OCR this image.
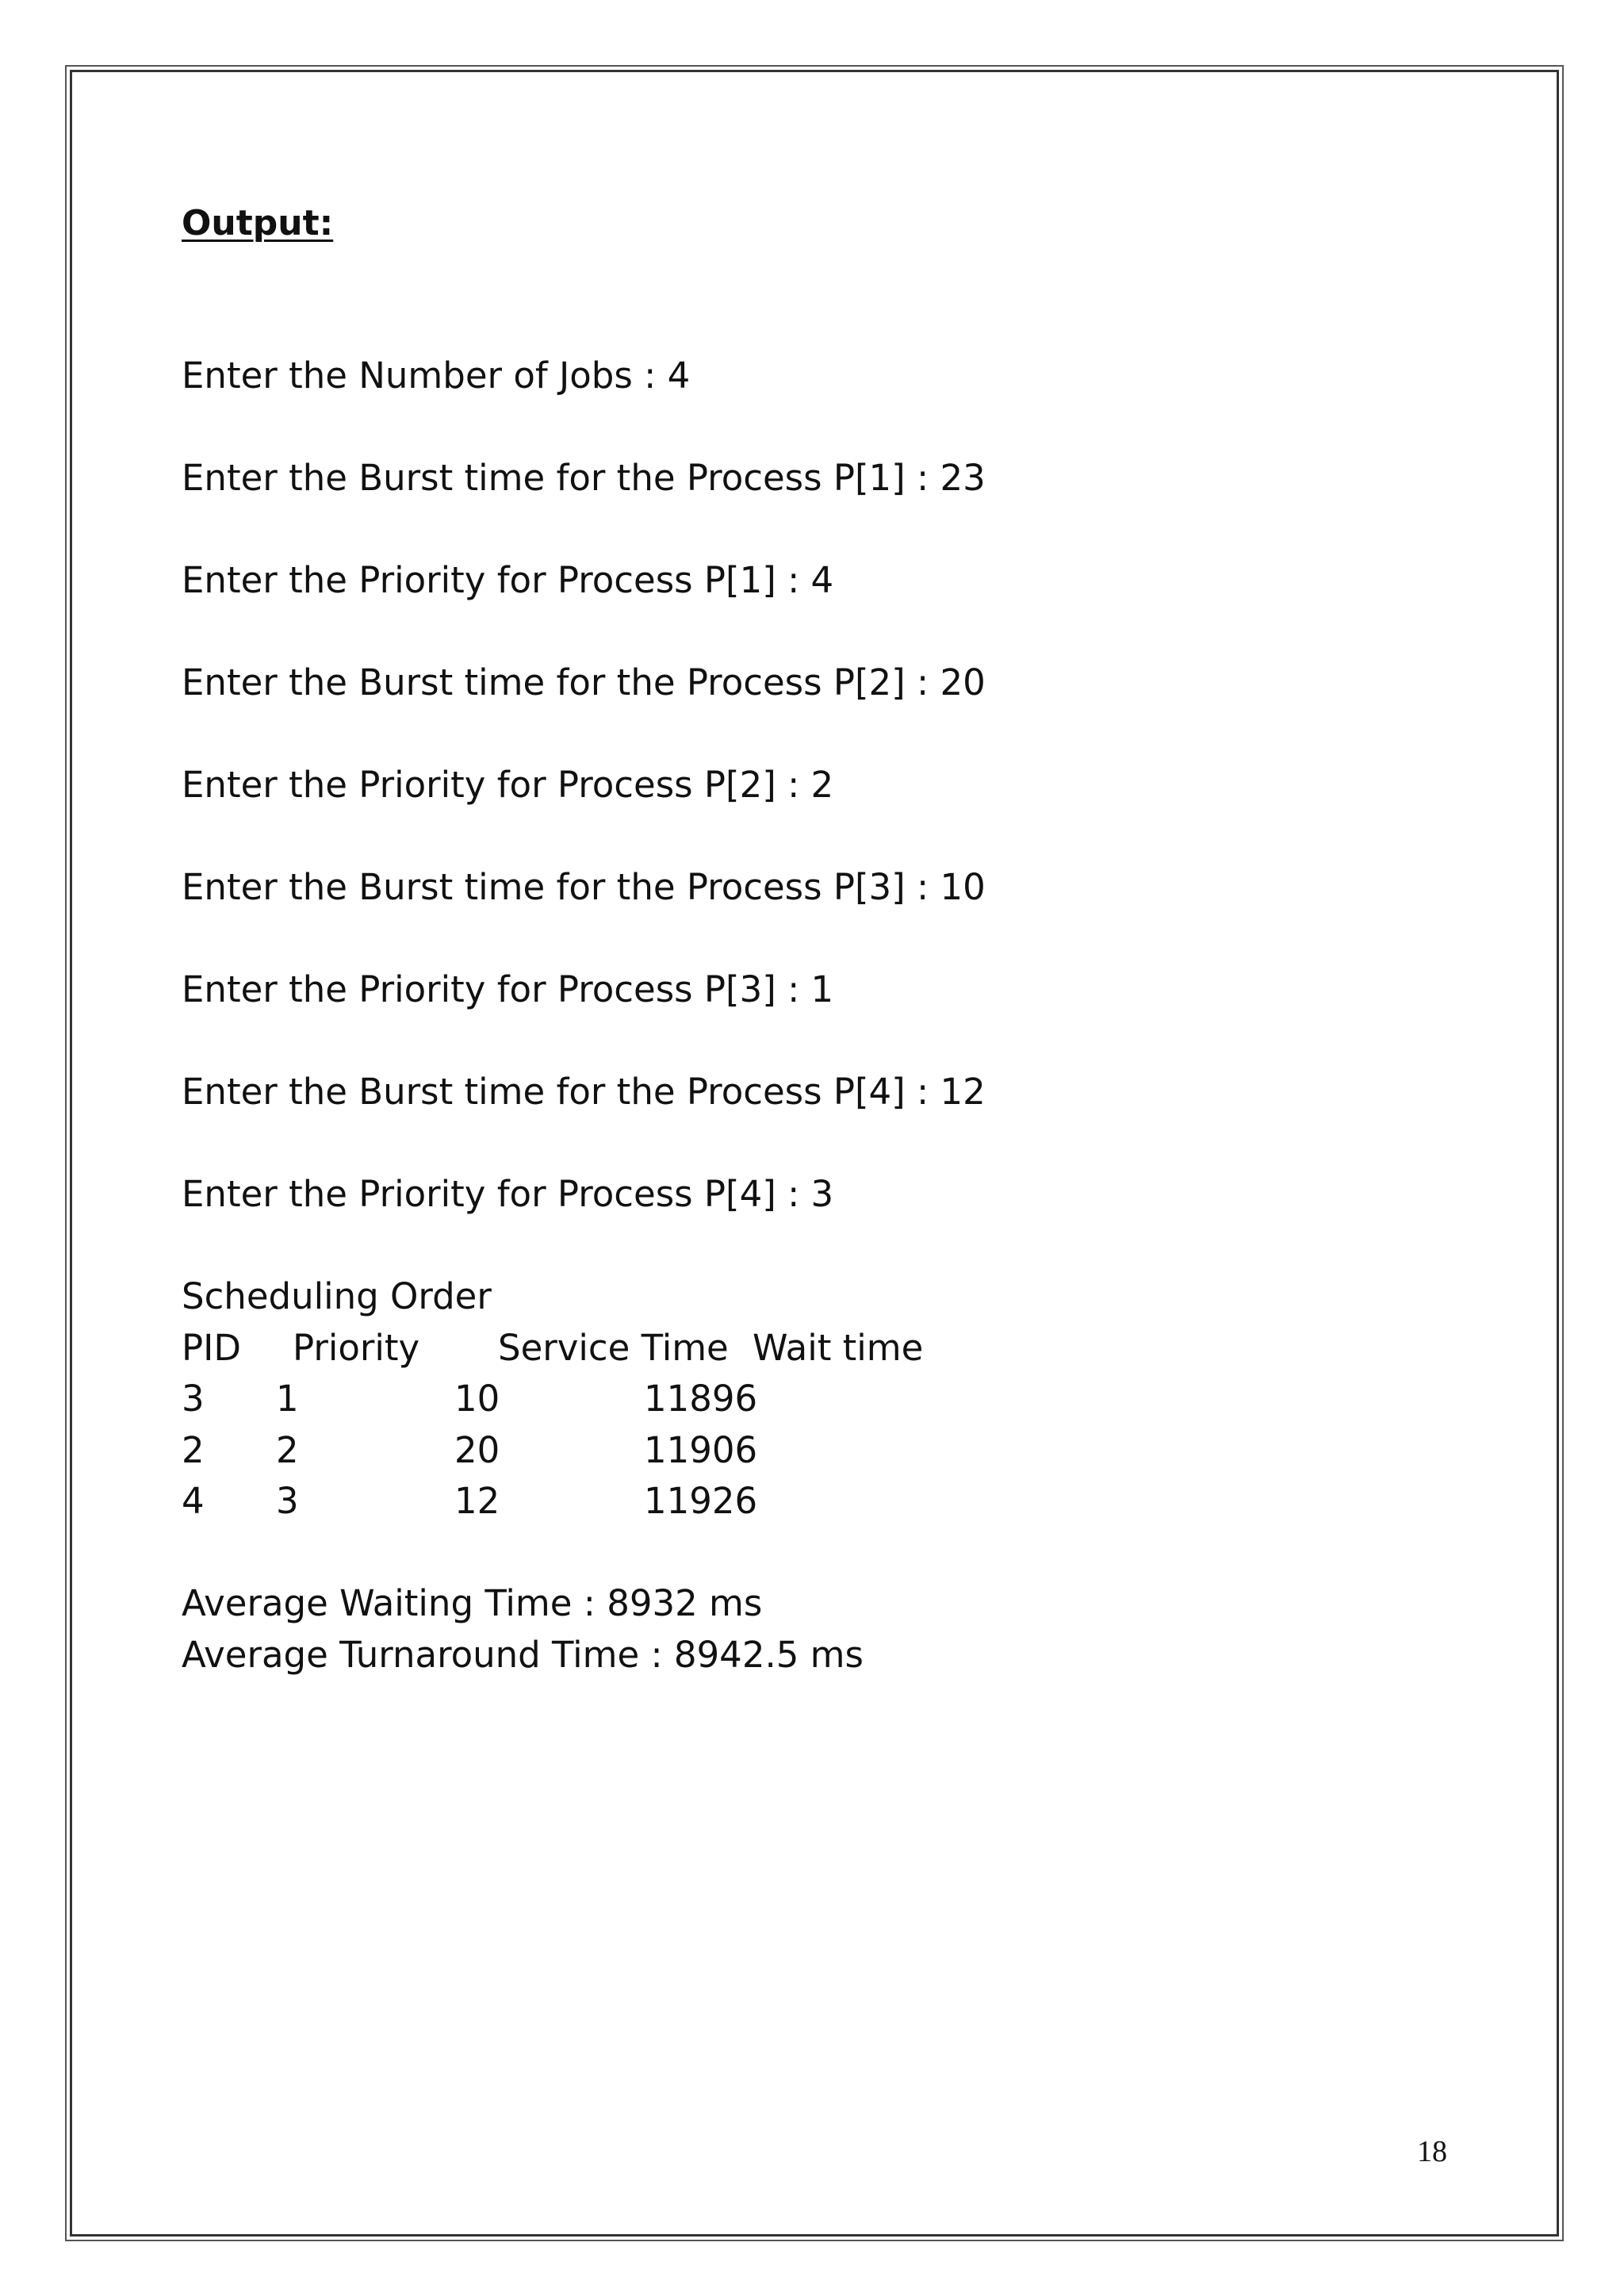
Output:
Enter the Number of Jobs : 4
Enter the Burst time for the Process P[1] : 23
Enter the Priority for Process P[1] : 4
Enter the Burst time for the Process P[2] : 20
Enter the Priority for Process P[2] : 2
Enter the Burst time for the Process P[3] : 10
Enter the Priority for Process P[3] : 1
Enter the Burst time for the Process P[4] : 12
Enter the Priority for Process P[4] : 3
Scheduling Order
PID Priority Service Time Wait time
3 1	10	11896
2 2	20	11906
4 3	12	11926
Average Waiting Time : 8932 ms
Average Turnaround Time : 8942.5 ms
18
